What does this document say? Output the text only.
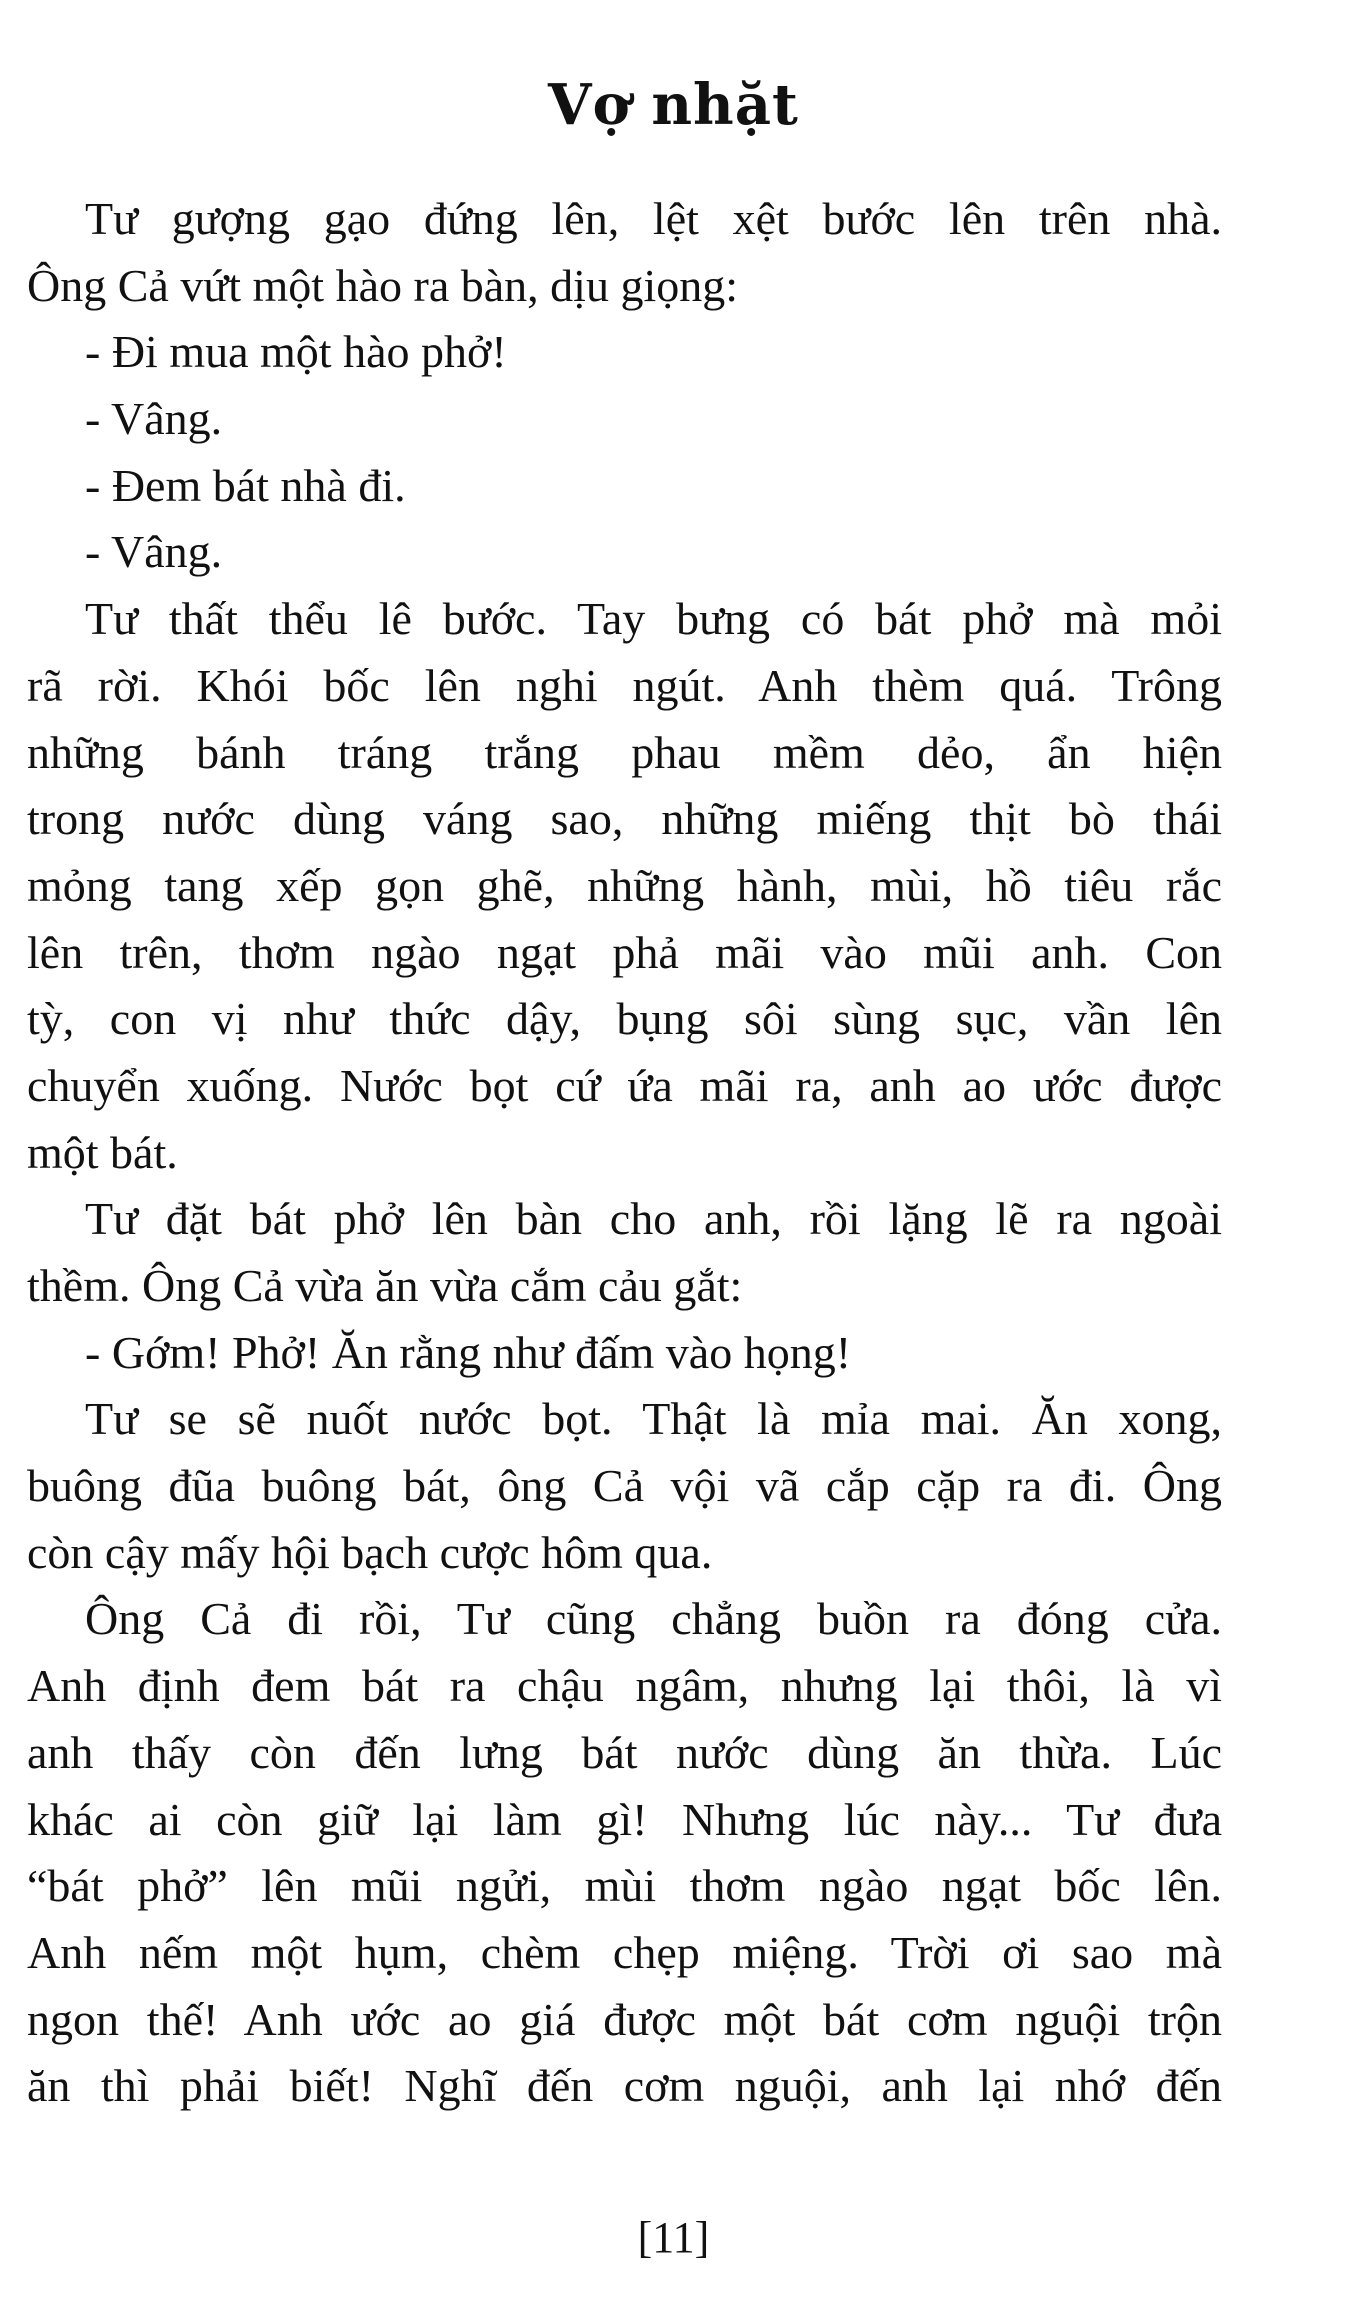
Vợ nhặt
Tư gượng gạo đứng lên, lệt xệt bước lên trên nhà.
Ông Cả vứt một hào ra bàn, dịu giọng:
- Đi mua một hào phở!
- Vâng.
- Đem bát nhà đi.
- Vâng.
Tư thất thểu lê bước. Tay bưng có bát phở mà mỏi
rã rời. Khói bốc lên nghi ngút. Anh thèm quá. Trông
những bánh tráng trắng phau mềm dẻo, ẩn hiện
trong nước dùng váng sao, những miếng thịt bò thái
mỏng tang xếp gọn ghẽ, những hành, mùi, hồ tiêu rắc
lên trên, thơm ngào ngạt phả mãi vào mũi anh. Con
tỳ, con vị như thức dậy, bụng sôi sùng sục, vần lên
chuyển xuống. Nước bọt cứ ứa mãi ra, anh ao ước được
một bát.
Tư đặt bát phở lên bàn cho anh, rồi lặng lẽ ra ngoài
thềm. Ông Cả vừa ăn vừa cắm cảu gắt:
- Gớm! Phở! Ăn rằng như đấm vào họng!
Tư se sẽ nuốt nước bọt. Thật là mỉa mai. Ăn xong,
buông đũa buông bát, ông Cả vội vã cắp cặp ra đi. Ông
còn cậy mấy hội bạch cược hôm qua.
Ông Cả đi rồi, Tư cũng chẳng buồn ra đóng cửa.
Anh định đem bát ra chậu ngâm, nhưng lại thôi, là vì
anh thấy còn đến lưng bát nước dùng ăn thừa. Lúc
khác ai còn giữ lại làm gì! Nhưng lúc này... Tư đưa
“bát phở” lên mũi ngửi, mùi thơm ngào ngạt bốc lên.
Anh nếm một hụm, chèm chẹp miệng. Trời ơi sao mà
ngon thế! Anh ước ao giá được một bát cơm nguội trộn
ăn thì phải biết! Nghĩ đến cơm nguội, anh lại nhớ đến
[11]
